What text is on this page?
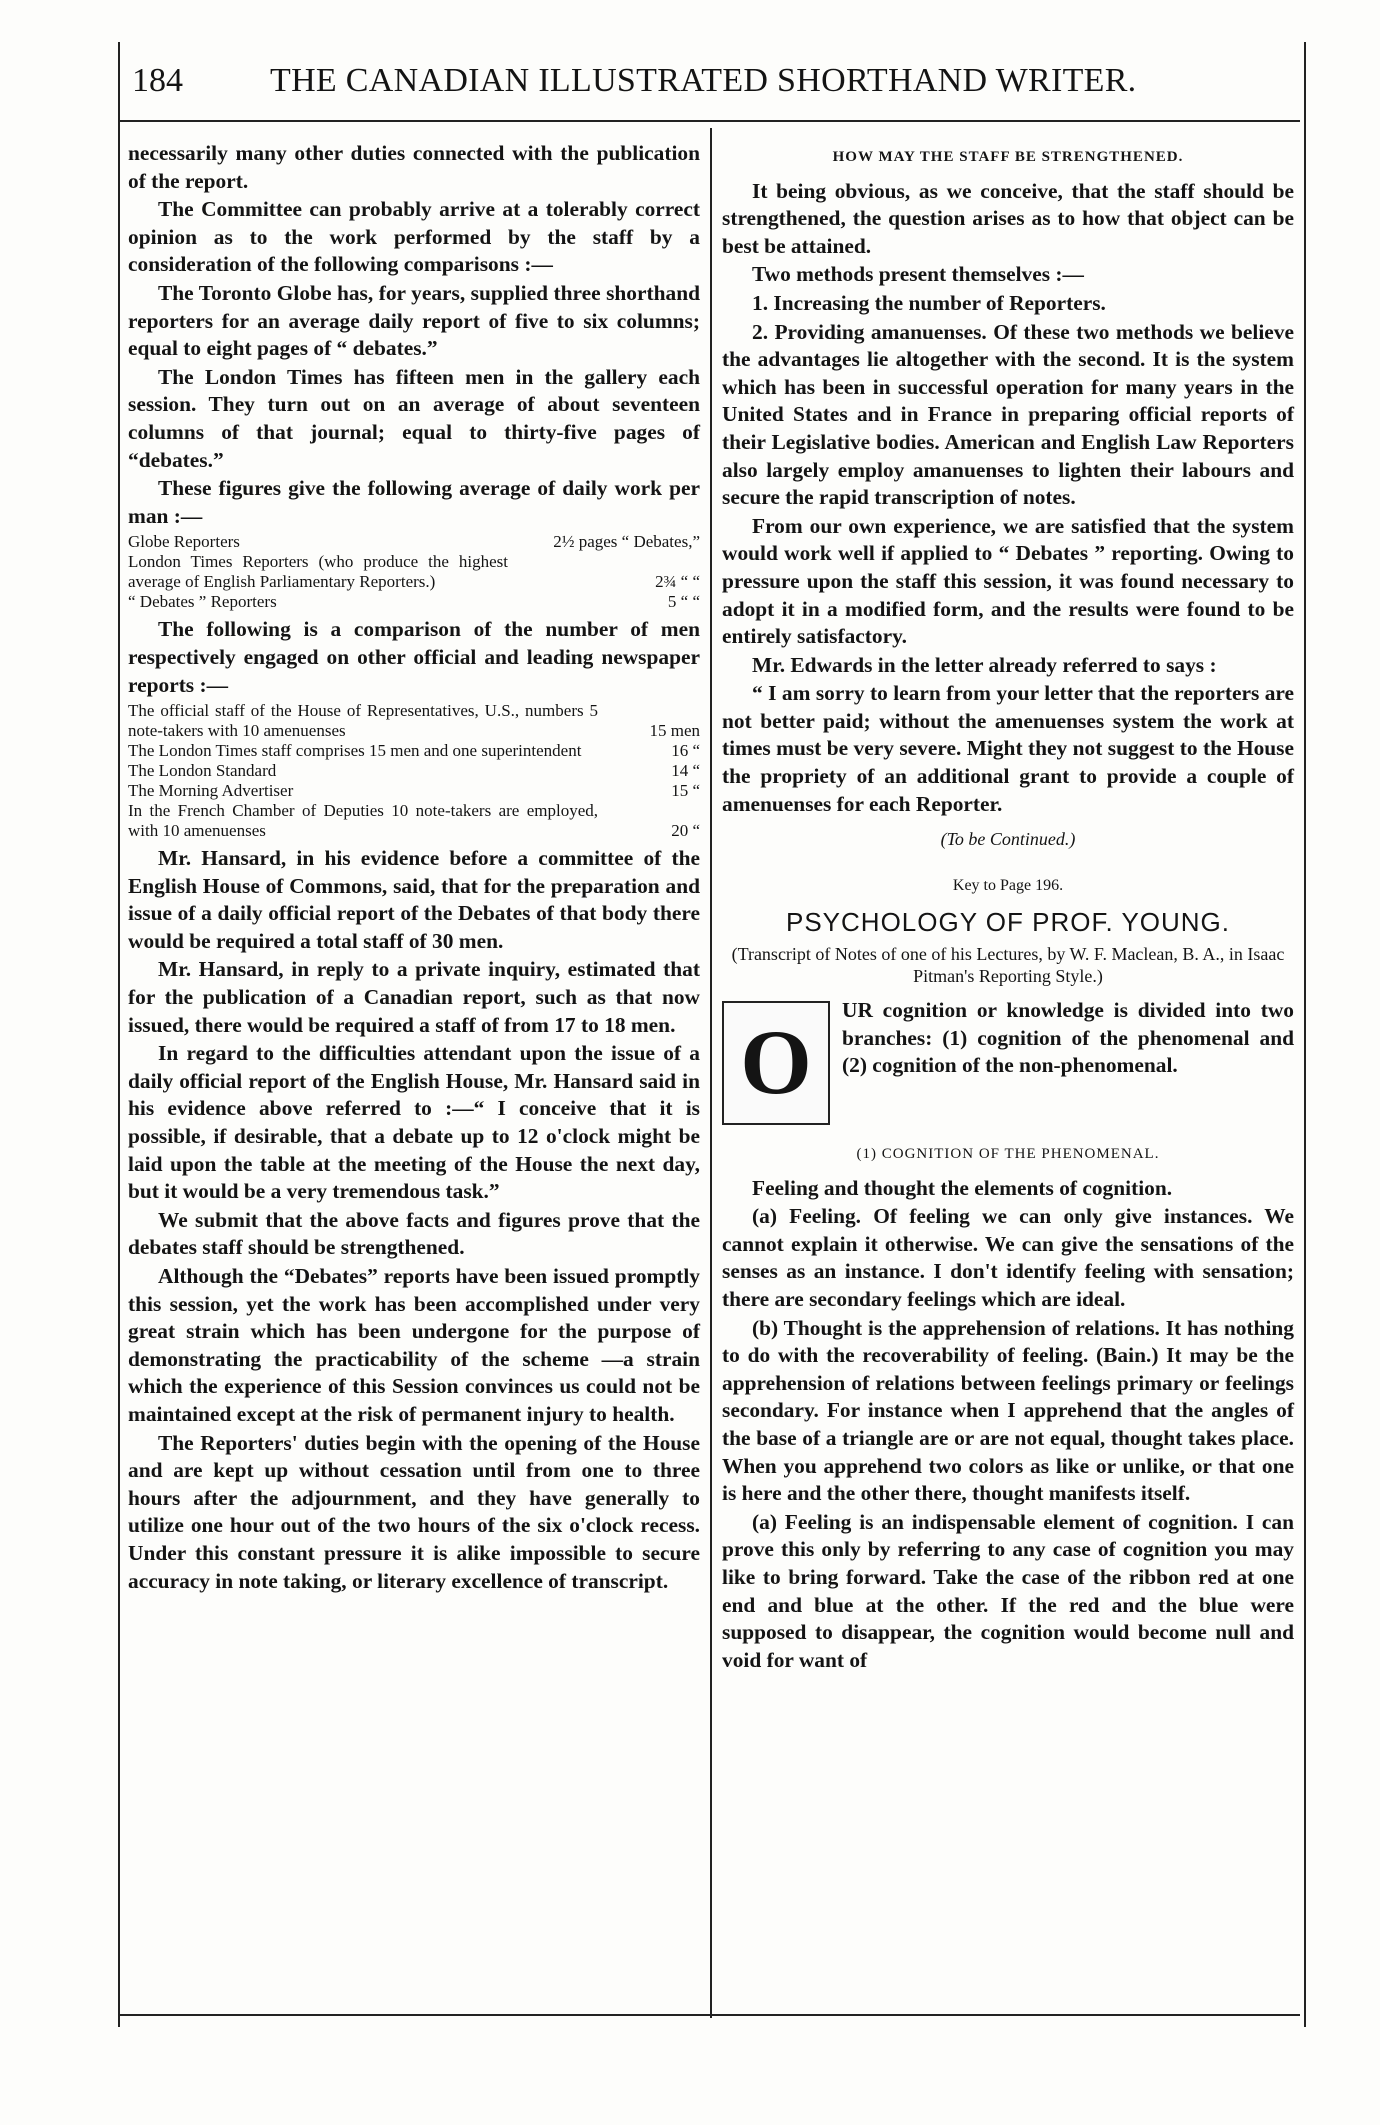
184	THE CANADIAN ILLUSTRATED SHORTHAND WRITER.

necessarily many other duties connected with the publication of the report.

The Committee can probably arrive at a tolerably correct opinion as to the work performed by the staff by a consideration of the following comparisons :—

The Toronto Globe has, for years, supplied three shorthand reporters for an average daily report of five to six columns; equal to eight pages of “ debates.”

The London Times has fifteen men in the gallery each session. They turn out on an average of about seventeen columns of that journal; equal to thirty-five pages of “debates.”

These figures give the following average of daily work per man :—

Globe Reporters	2½ pages “ Debates,”
London Times Reporters (who produce the highest average of English Parliamentary Reporters.)	2¾ “ “
“ Debates ” Reporters	5 “ “

The following is a comparison of the number of men respectively engaged on other official and leading newspaper reports :—

The official staff of the House of Representatives, U.S., numbers 5 note-takers with 10 amenuenses	15 men
The London Times staff comprises 15 men and one superintendent	16 “
The London Standard	14 “
The Morning Advertiser	15 “
In the French Chamber of Deputies 10 note-takers are employed, with 10 amenuenses	20 “

Mr. Hansard, in his evidence before a committee of the English House of Commons, said, that for the preparation and issue of a daily official report of the Debates of that body there would be required a total staff of 30 men.

Mr. Hansard, in reply to a private inquiry, estimated that for the publication of a Canadian report, such as that now issued, there would be required a staff of from 17 to 18 men.

In regard to the difficulties attendant upon the issue of a daily official report of the English House, Mr. Hansard said in his evidence above referred to :—“ I conceive that it is possible, if desirable, that a debate up to 12 o'clock might be laid upon the table at the meeting of the House the next day, but it would be a very tremendous task.”

We submit that the above facts and figures prove that the debates staff should be strengthened.

Although the “Debates” reports have been issued promptly this session, yet the work has been accomplished under very great strain which has been undergone for the purpose of demonstrating the practicability of the scheme —a strain which the experience of this Session convinces us could not be maintained except at the risk of permanent injury to health.

The Reporters' duties begin with the opening of the House and are kept up without cessation until from one to three hours after the adjournment, and they have generally to utilize one hour out of the two hours of the six o'clock recess. Under this constant pressure it is alike impossible to secure accuracy in note taking, or literary excellence of transcript.

HOW MAY THE STAFF BE STRENGTHENED.

It being obvious, as we conceive, that the staff should be strengthened, the question arises as to how that object can be best be attained.

Two methods present themselves :—

1. Increasing the number of Reporters.

2. Providing amanuenses. Of these two methods we believe the advantages lie altogether with the second. It is the system which has been in successful operation for many years in the United States and in France in preparing official reports of their Legislative bodies. American and English Law Reporters also largely employ amanuenses to lighten their labours and secure the rapid transcription of notes.

From our own experience, we are satisfied that the system would work well if applied to “ Debates ” reporting. Owing to pressure upon the staff this session, it was found necessary to adopt it in a modified form, and the results were found to be entirely satisfactory.

Mr. Edwards in the letter already referred to says :

“ I am sorry to learn from your letter that the reporters are not better paid; without the amenuenses system the work at times must be very severe. Might they not suggest to the House the propriety of an additional grant to provide a couple of amenuenses for each Reporter.

(To be Continued.)
Key to Page 196.
PSYCHOLOGY OF PROF. YOUNG.
(Transcript of Notes of one of his Lectures, by W. F. Maclean, B. A., in Isaac Pitman's Reporting Style.)
O

UR cognition or knowledge is divided into two branches: (1) cognition of the phenomenal and (2) cognition of the non-phenomenal.

(1) COGNITION OF THE PHENOMENAL.

Feeling and thought the elements of cognition.

(a) Feeling. Of feeling we can only give instances. We cannot explain it otherwise. We can give the sensations of the senses as an instance. I don't identify feeling with sensation; there are secondary feelings which are ideal.

(b) Thought is the apprehension of relations. It has nothing to do with the recoverability of feeling. (Bain.) It may be the apprehension of relations between feelings primary or feelings secondary. For instance when I apprehend that the angles of the base of a triangle are or are not equal, thought takes place. When you apprehend two colors as like or unlike, or that one is here and the other there, thought manifests itself.

(a) Feeling is an indispensable element of cognition. I can prove this only by referring to any case of cognition you may like to bring forward. Take the case of the ribbon red at one end and blue at the other. If the red and the blue were supposed to disappear, the cognition would become null and void for want of
